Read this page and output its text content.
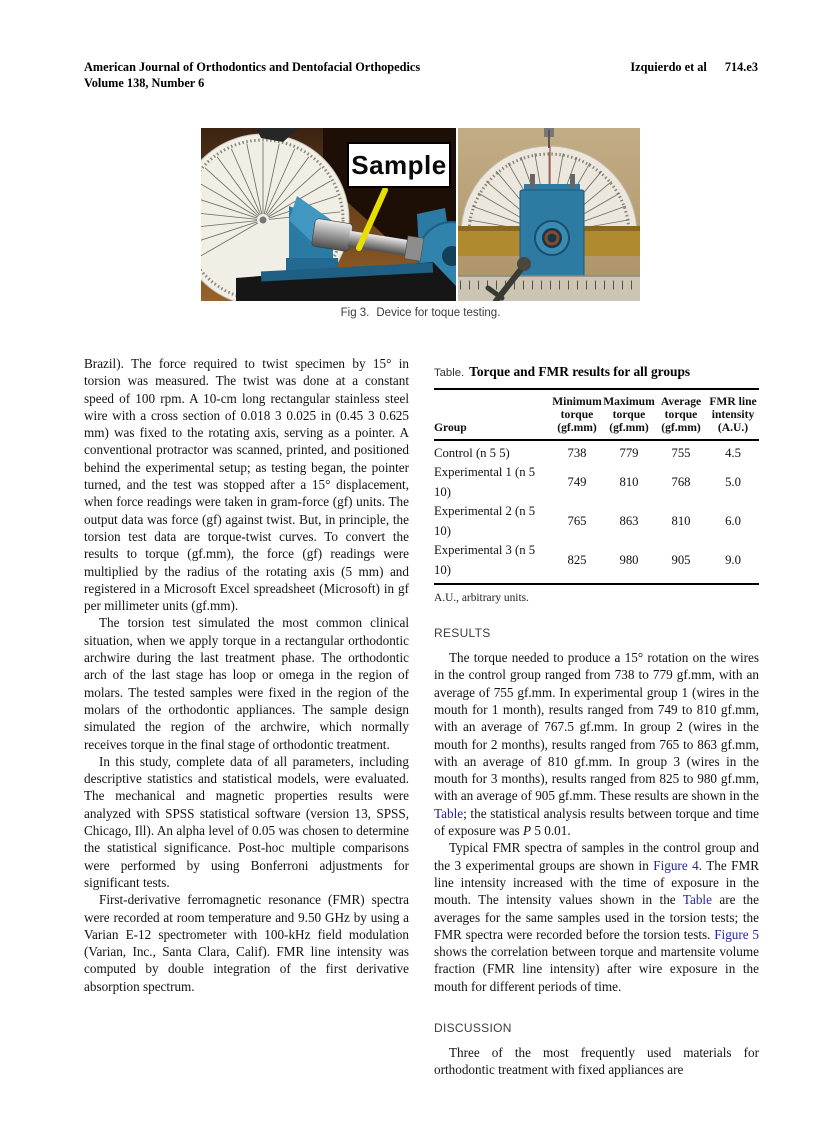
American Journal of Orthodontics and Dentofacial Orthopedics
Volume 138, Number 6
Izquierdo et al 714.e3
Sample
Fig 3. Device for toque testing.

Brazil). The force required to twist specimen by 15° in torsion was measured. The twist was done at a constant speed of 100 rpm. A 10-cm long rectangular stainless steel wire with a cross section of 0.018 3 0.025 in (0.45 3 0.625 mm) was fixed to the rotating axis, serving as a pointer. A conventional protractor was scanned, printed, and positioned behind the experimental setup; as testing began, the pointer turned, and the test was stopped after a 15° displacement, when force readings were taken in gram-force (gf) units. The output data was force (gf) against twist. But, in principle, the torsion test data are torque-twist curves. To convert the results to torque (gf.mm), the force (gf) readings were multiplied by the radius of the rotating axis (5 mm) and registered in a Microsoft Excel spreadsheet (Microsoft) in gf per millimeter units (gf.mm).

The torsion test simulated the most common clinical situation, when we apply torque in a rectangular orthodontic archwire during the last treatment phase. The orthodontic arch of the last stage has loop or omega in the region of molars. The tested samples were fixed in the region of the molars of the orthodontic appliances. The sample design simulated the region of the archwire, which normally receives torque in the final stage of orthodontic treatment.

In this study, complete data of all parameters, including descriptive statistics and statistical models, were evaluated. The mechanical and magnetic properties results were analyzed with SPSS statistical software (version 13, SPSS, Chicago, Ill). An alpha level of 0.05 was chosen to determine the statistical significance. Post-hoc multiple comparisons were performed by using Bonferroni adjustments for significant tests.

First-derivative ferromagnetic resonance (FMR) spectra were recorded at room temperature and 9.50 GHz by using a Varian E-12 spectrometer with 100-kHz field modulation (Varian, Inc., Santa Clara, Calif). FMR line intensity was computed by double integration of the first derivative absorption spectrum.

Table. Torque and FMR results for all groups
Group	
Minimum
torque
(gf.mm)

Maximum
torque
(gf.mm)

Average
torque
(gf.mm)

FMR line
intensity
(A.U.)

Control (n 5 5)	738	779	755	4.5
Experimental 1 (n 5 10)	749	810	768	5.0
Experimental 2 (n 5 10)	765	863	810	6.0
Experimental 3 (n 5 10)	825	980	905	9.0
A.U., arbitrary units.
RESULTS

The torque needed to produce a 15° rotation on the wires in the control group ranged from 738 to 779 gf.mm, with an average of 755 gf.mm. In experimental group 1 (wires in the mouth for 1 month), results ranged from 749 to 810 gf.mm, with an average of 767.5 gf.mm. In group 2 (wires in the mouth for 2 months), results ranged from 765 to 863 gf.mm, with an average of 810 gf.mm. In group 3 (wires in the mouth for 3 months), results ranged from 825 to 980 gf.mm, with an average of 905 gf.mm. These results are shown in the Table; the statistical analysis results between torque and time of exposure was P 5 0.01.

Typical FMR spectra of samples in the control group and the 3 experimental groups are shown in Figure 4. The FMR line intensity increased with the time of exposure in the mouth. The intensity values shown in the Table are the averages for the same samples used in the torsion tests; the FMR spectra were recorded before the torsion tests. Figure 5 shows the correlation between torque and martensite volume fraction (FMR line intensity) after wire exposure in the mouth for different periods of time.

DISCUSSION

Three of the most frequently used materials for orthodontic treatment with fixed appliances are
